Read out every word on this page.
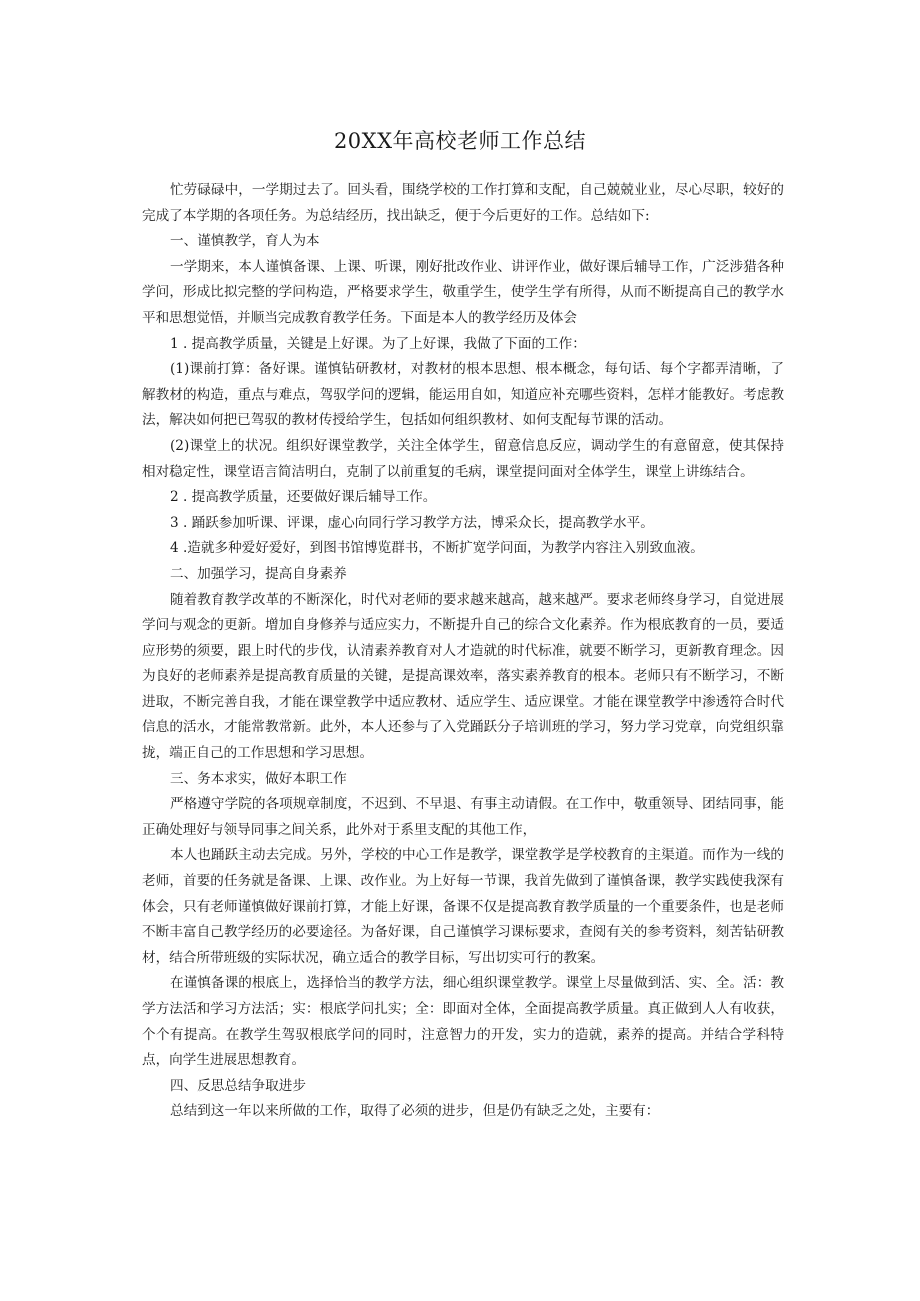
20XX年高校老师工作总结

忙劳碌碌中，一学期过去了。回头看，围绕学校的工作打算和支配，自己兢兢业业，尽心尽职，较好的完成了本学期的各项任务。为总结经历，找出缺乏，便于今后更好的工作。总结如下:

一、谨慎教学，育人为本

一学期来，本人谨慎备课、上课、听课，刚好批改作业、讲评作业，做好课后辅导工作，广泛涉猎各种学问，形成比拟完整的学问构造，严格要求学生，敬重学生，使学生学有所得，从而不断提高自己的教学水平和思想觉悟，并顺当完成教育教学任务。下面是本人的教学经历及体会

1 . 提高教学质量，关键是上好课。为了上好课，我做了下面的工作：

(1)课前打算：备好课。谨慎钻研教材，对教材的根本思想、根本概念，每句话、每个字都弄清晰，了解教材的构造，重点与难点，驾驭学问的逻辑，能运用自如，知道应补充哪些资料，怎样才能教好。考虑教法，解决如何把已驾驭的教材传授给学生，包括如何组织教材、如何支配每节课的活动。

(2)课堂上的状况。组织好课堂教学，关注全体学生，留意信息反应，调动学生的有意留意，使其保持相对稳定性，课堂语言简洁明白，克制了以前重复的毛病，课堂提问面对全体学生，课堂上讲练结合。

2 . 提高教学质量，还要做好课后辅导工作。

3 . 踊跃参加听课、评课，虚心向同行学习教学方法，博采众长，提高教学水平。

4 .造就多种爱好爱好，到图书馆博览群书，不断扩宽学问面，为教学内容注入别致血液。

二、加强学习，提高自身素养

随着教育教学改革的不断深化，时代对老师的要求越来越高，越来越严。要求老师终身学习，自觉进展学问与观念的更新。增加自身修养与适应实力，不断提升自己的综合文化素养。作为根底教育的一员，要适应形势的须要，跟上时代的步伐，认清素养教育对人才造就的时代标准，就要不断学习，更新教育理念。因为良好的老师素养是提高教育质量的关键，是提高课效率，落实素养教育的根本。老师只有不断学习，不断进取，不断完善自我，才能在课堂教学中适应教材、适应学生、适应课堂。才能在课堂教学中渗透符合时代信息的活水，才能常教常新。此外，本人还参与了入党踊跃分子培训班的学习，努力学习党章，向党组织靠拢，端正自己的工作思想和学习思想。

三、务本求实，做好本职工作

严格遵守学院的各项规章制度，不迟到、不早退、有事主动请假。在工作中，敬重领导、团结同事，能正确处理好与领导同事之间关系，此外对于系里支配的其他工作，

本人也踊跃主动去完成。另外，学校的中心工作是教学，课堂教学是学校教育的主渠道。而作为一线的老师，首要的任务就是备课、上课、改作业。为上好每一节课，我首先做到了谨慎备课，教学实践使我深有体会，只有老师谨慎做好课前打算，才能上好课，备课不仅是提高教育教学质量的一个重要条件，也是老师不断丰富自己教学经历的必要途径。为备好课，自己谨慎学习课标要求，查阅有关的参考资料，刻苦钻研教材，结合所带班级的实际状况，确立适合的教学目标，写出切实可行的教案。

在谨慎备课的根底上，选择恰当的教学方法，细心组织课堂教学。课堂上尽量做到活、实、全。活：教学方法活和学习方法活；实：根底学问扎实；全：即面对全体，全面提高教学质量。真正做到人人有收获，个个有提高。在教学生驾驭根底学问的同时，注意智力的开发，实力的造就，素养的提高。并结合学科特点，向学生进展思想教育。

四、反思总结争取进步

总结到这一年以来所做的工作，取得了必须的进步，但是仍有缺乏之处，主要有：
